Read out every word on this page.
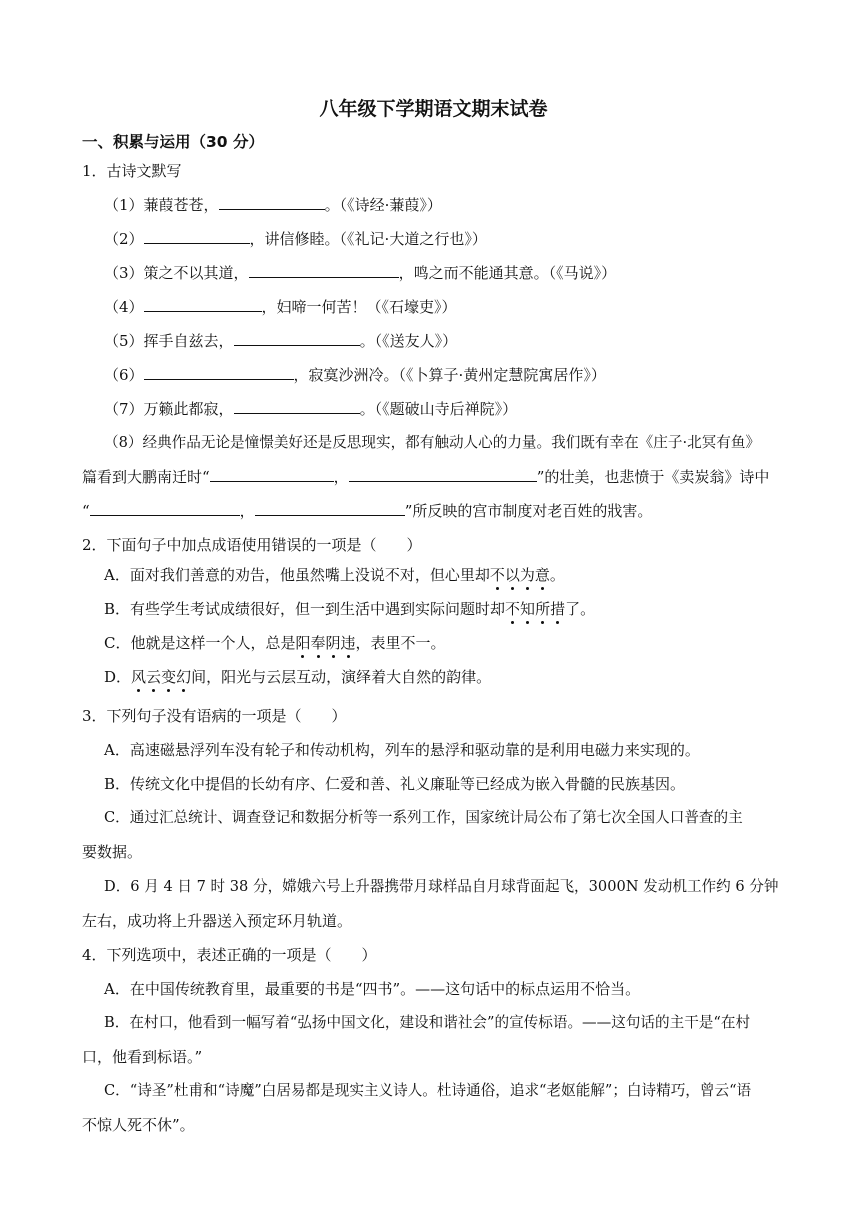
八年级下学期语文期末试卷
一、积累与运用（30 分）
1．古诗文默写
（1）蒹葭苍苍，	。（《诗经·蒹葭》）
（2）	，讲信修睦。（《礼记·大道之行也》）
（3）策之不以其道，	，鸣之而不能通其意。（《马说》）
（4）	，妇啼一何苦！（《石壕吏》）
（5）挥手自兹去，	。（《送友人》）
（6）	，寂寞沙洲冷。（《卜算子·黄州定慧院寓居作》）
（7）万籁此都寂，	。（《题破山寺后禅院》）
（8）经典作品无论是憧憬美好还是反思现实，都有触动人心的力量。我们既有幸在《庄子·北冥有鱼》
篇看到大鹏南迁时“	，	”的壮美，也悲愤于《卖炭翁》诗中
“	，	”所反映的宫市制度对老百姓的戕害。
2．下面句子中加点成语使用错误的一项是（　　）
A．面对我们善意的劝告，他虽然嘴上没说不对，但心里却不以为意。
B．有些学生考试成绩很好，但一到生活中遇到实际问题时却不知所措了。
C．他就是这样一个人，总是阳奉阴违，表里不一。
D．风云变幻间，阳光与云层互动，演绎着大自然的韵律。
3．下列句子没有语病的一项是（　　）
A．高速磁悬浮列车没有轮子和传动机构，列车的悬浮和驱动靠的是利用电磁力来实现的。
B．传统文化中提倡的长幼有序、仁爱和善、礼义廉耻等已经成为嵌入骨髓的民族基因。
C．通过汇总统计、调查登记和数据分析等一系列工作，国家统计局公布了第七次全国人口普查的主
要数据。
D．6 月 4 日 7 时 38 分，嫦娥六号上升器携带月球样品自月球背面起飞，3000N 发动机工作约 6 分钟
左右，成功将上升器送入预定环月轨道。
4．下列选项中，表述正确的一项是（　　）
A．在中国传统教育里，最重要的书是“四书”。——这句话中的标点运用不恰当。
B．在村口，他看到一幅写着“弘扬中国文化，建设和谐社会”的宣传标语。——这句话的主干是“在村
口，他看到标语。”
C．“诗圣”杜甫和“诗魔”白居易都是现实主义诗人。杜诗通俗，追求“老妪能解”；白诗精巧，曾云“语
不惊人死不休”。
